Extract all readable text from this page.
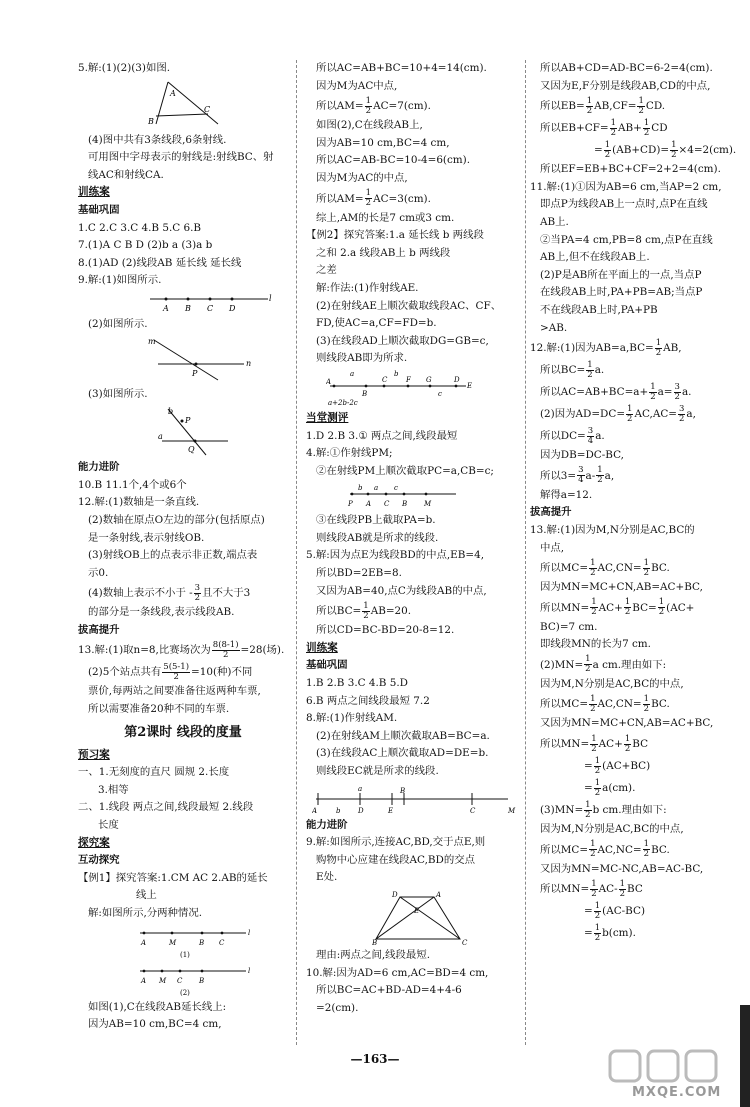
5.解:(1)(2)(3)如图.
A
B
C
(4)图中共有3条线段,6条射线.
可用图中字母表示的射线是:射线BC、射
线AC和射线CA.
训练案
基础巩固
1.C 2.C 3.C 4.B 5.C 6.B
7.(1)A C B D (2)b a (3)a b
8.(1)AD (2)线段AB 延长线 延长线
9.解:(1)如图所示.
A B C D
l
(2)如图所示.
m
n
P
(3)如图所示.
a
b
P
Q
能力进阶
10.B 11.1个,4个或6个
12.解:(1)数轴是一条直线.
(2)数轴在原点O左边的部分(包括原点)
是一条射线,表示射线OB.
(3)射线OB上的点表示非正数,端点表
示0.
(4)数轴上表示不小于 - $\frac{3}{2}$ 且不大于3
的部分是一条线段,表示线段AB.
拔高提升
13.解:(1)取n=8,比赛场次为 $\frac{8(8-1)}{2} =28$(场).
(2)5个站点共有 $\frac{5(5-1)}{2} =10$(种)不同
票价,每两站之间要准备往返两种车票,
所以需要准备20种不同的车票.
第2课时 线段的度量
预习案
一、1.无刻度的直尺 圆规 2.长度
3.相等
二、1.线段 两点之间,线段最短 2.线段
长度
探究案
互动探究
【例1】探究答案:1.CM AC 2.AB的延长
线上
解:如图所示,分两种情况.
A	M	B C
l
(1)
A M C B
l
(2)
如图(1),C在线段AB延长线上:
因为AB=10 cm,BC=4 cm,
所以AC=AB+BC=10+4=14(cm).
因为M为AC中点,
所以$AM= \frac{1}{2} AC=7(cm)$.
如图(2),C在线段AB上,
因为AB=10 cm,BC=4 cm,
所以AC=AB-BC=10-4=6(cm).
因为M为AC的中点,
所以$AM= \frac{1}{2} AC=3(cm)$.
综上,AM的长是7 cm或3 cm.
【例2】探究答案:1.a 延长线 b 两线段
之和 2.a 线段AB上 b 两线段
之差
解:作法:(1)作射线AE.
(2)在射线AE上顺次截取线段AC、CF、
FD,使AC=a,CF=FD=b.
(3)在线段AD上顺次截取DG=GB=c,
则线段AB即为所求.
A
B
C	F G	D
E
a	b
c
a+2b-2c
当堂测评
1.D 2.B 3.① 两点之间,线段最短
4.解:①作射线PM;
②在射线PM上顺次截取PC=a,CB=c;
P A C B M
a
b	c
③在线段PB上截取PA=b.
则线段AB就是所求的线段.
5.解:因为点E为线段BD的中点,EB=4,
所以BD=2EB=8.
又因为AB=40,点C为线段AB的中点,
所以$BC= \frac{1}{2} AB=20$.
所以CD=BC-BD=20-8=12.
训练案
基础巩固
1.B 2.B 3.C 4.B 5.D
6.B 两点之间线段最短 7.2
8.解:(1)作射线AM.
(2)在射线AM上顺次截取AB=BC=a.
(3)在线段AC上顺次截取AD=DE=b.
则线段EC就是所求的线段.
A	D	E
B
C	M
a
b
能力进阶
9.解:如图所示,连接AC,BD,交于点E,则
购物中心应建在线段AC,BD的交点
E处.
D	A
E
B	C
理由:两点之间,线段最短.
10.解:因为AD=6 cm,AC=BD=4 cm,
所以BC=AC+BD-AD=4+4-6
=2(cm).
所以AB+CD=AD-BC=6-2=4(cm).
又因为E,F分别是线段AB,CD的中点,
所以$EB= \frac{1}{2} AB,CF= \frac{1}{2}$ CD.
所以$EB+CF= \frac{1}{2} AB+ \frac{1}{2}$ CD
= $\frac{1}{2} (AB+CD)= \frac{1}{2} \times 4=2(cm)$.
所以EF=EB+BC+CF=2+2=4(cm).
11.解:(1)①因为AB=6 cm,当AP=2 cm,
即点P为线段AB上一点时,点P在直线
AB上.
②当PA=4 cm,PB=8 cm,点P在直线
AB上,但不在线段AB上.
(2)P是AB所在平面上的一点,当点P
在线段AB上时,PA+PB=AB;当点P
不在线段AB上时,PA+PB
>AB.
12.解:(1)因为$AB=a,BC= \frac{1}{2}$ AB,
所以$BC= \frac{1}{2} a$.
所以$AC=AB+BC=a+ \frac{1}{2} a= \frac{3}{2} a$.
(2)因为$AD=DC= \frac{1}{2} AC,AC= \frac{3}{2} a$,
所以$DC= \frac{3}{4} a$.
因为DB=DC-BC,
所以$3= \frac{3}{4} a- \frac{1}{2} a$,
解得a=12.
拔高提升
13.解:(1)因为M,N分别是AC,BC的
中点,
所以$MC= \frac{1}{2} AC,CN= \frac{1}{2}$ BC.
因为MN=MC+CN,AB=AC+BC,
所以$MN= \frac{1}{2} AC+ \frac{1}{2} BC= \frac{1}{2} (AC+$
BC)=7 cm.
即线段MN的长为7 cm.
$(2)MN= \frac{1}{2}$ a cm.理由如下:
因为M,N分别是AC,BC的中点,
所以$MC= \frac{1}{2} AC,CN= \frac{1}{2}$ BC.
又因为MN=MC+CN,AB=AC+BC,
所以$MN= \frac{1}{2} AC+ \frac{1}{2}$ BC
= $\frac{1}{2} (AC+BC)$
= $\frac{1}{2} a(cm)$.
$(3)MN= \frac{1}{2}$ b cm.理由如下:
因为M,N分别是AC,BC的中点,
所以$MC= \frac{1}{2} AC,NC= \frac{1}{2}$ BC.
又因为MN=MC-NC,AB=AC-BC,
所以$MN= \frac{1}{2} AC- \frac{1}{2}$ BC
= $\frac{1}{2} (AC-BC)$
= $\frac{1}{2} b(cm)$.
—163—
MXQE.COM
